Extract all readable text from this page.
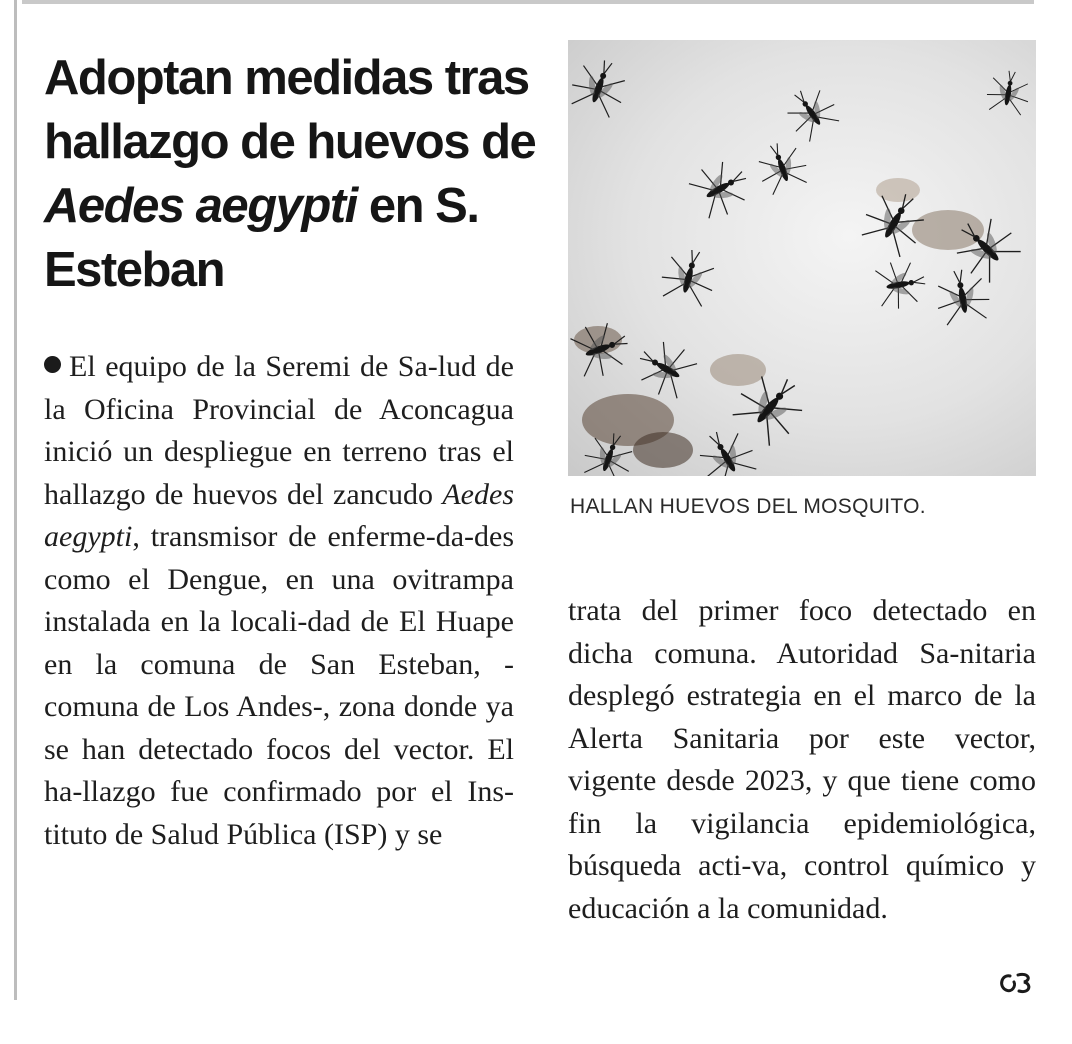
Adoptan medidas tras hallazgo de huevos de Aedes aegypti en S. Esteban

HALLAN HUEVOS DEL MOSQUITO.

El equipo de la Seremi de Sa-lud de la Oficina Provincial de Aconcagua inició un despliegue en terreno tras el hallazgo de huevos del zancudo Aedes aegypti, transmisor de enferme-da-des como el Dengue, en una ovitrampa instalada en la locali-dad de El Huape en la comuna de San Esteban, -comuna de Los Andes-, zona donde ya se han detectado focos del vector. El ha-llazgo fue confirmado por el Ins-tituto de Salud Pública (ISP) y se

trata del primer foco detectado en dicha comuna. Autoridad Sa-nitaria desplegó estrategia en el marco de la Alerta Sanitaria por este vector, vigente desde 2023, y que tiene como fin la vigilancia epidemiológica, búsqueda acti-va, control químico y educación a la comunidad.
